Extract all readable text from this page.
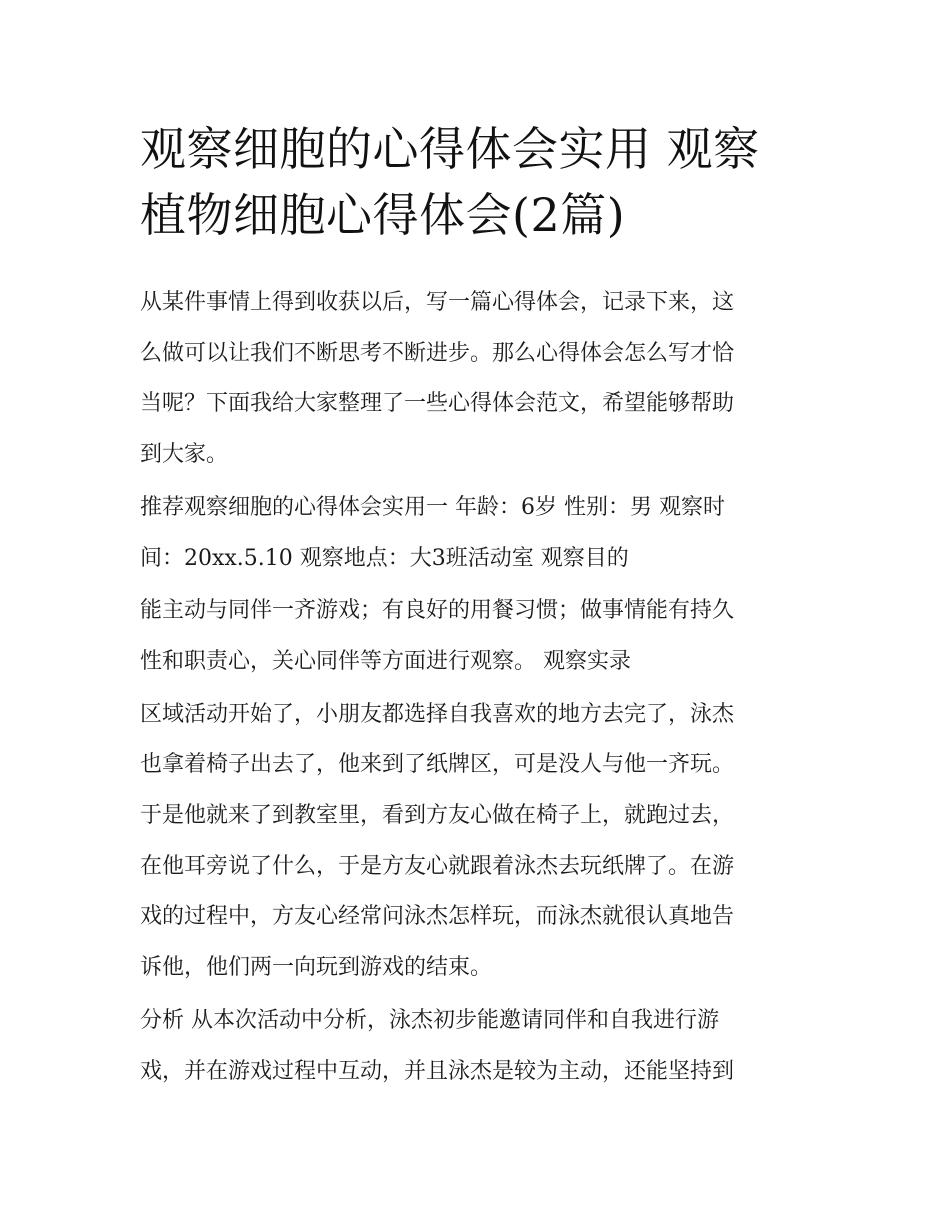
观察细胞的心得体会实用 观察
植物细胞心得体会(2篇)

从某件事情上得到收获以后，写一篇心得体会，记录下来，这
么做可以让我们不断思考不断进步。那么心得体会怎么写才恰
当呢？下面我给大家整理了一些心得体会范文，希望能够帮助
到大家。

推荐观察细胞的心得体会实用一 年龄：6岁 性别：男 观察时
间：20xx.5.10 观察地点：大3班活动室 观察目的

能主动与同伴一齐游戏；有良好的用餐习惯；做事情能有持久
性和职责心，关心同伴等方面进行观察。 观察实录

区域活动开始了，小朋友都选择自我喜欢的地方去完了，泳杰
也拿着椅子出去了，他来到了纸牌区，可是没人与他一齐玩。
于是他就来了到教室里，看到方友心做在椅子上，就跑过去，
在他耳旁说了什么，于是方友心就跟着泳杰去玩纸牌了。在游
戏的过程中，方友心经常问泳杰怎样玩，而泳杰就很认真地告
诉他，他们两一向玩到游戏的结束。

分析 从本次活动中分析，泳杰初步能邀请同伴和自我进行游
戏，并在游戏过程中互动，并且泳杰是较为主动，还能坚持到
